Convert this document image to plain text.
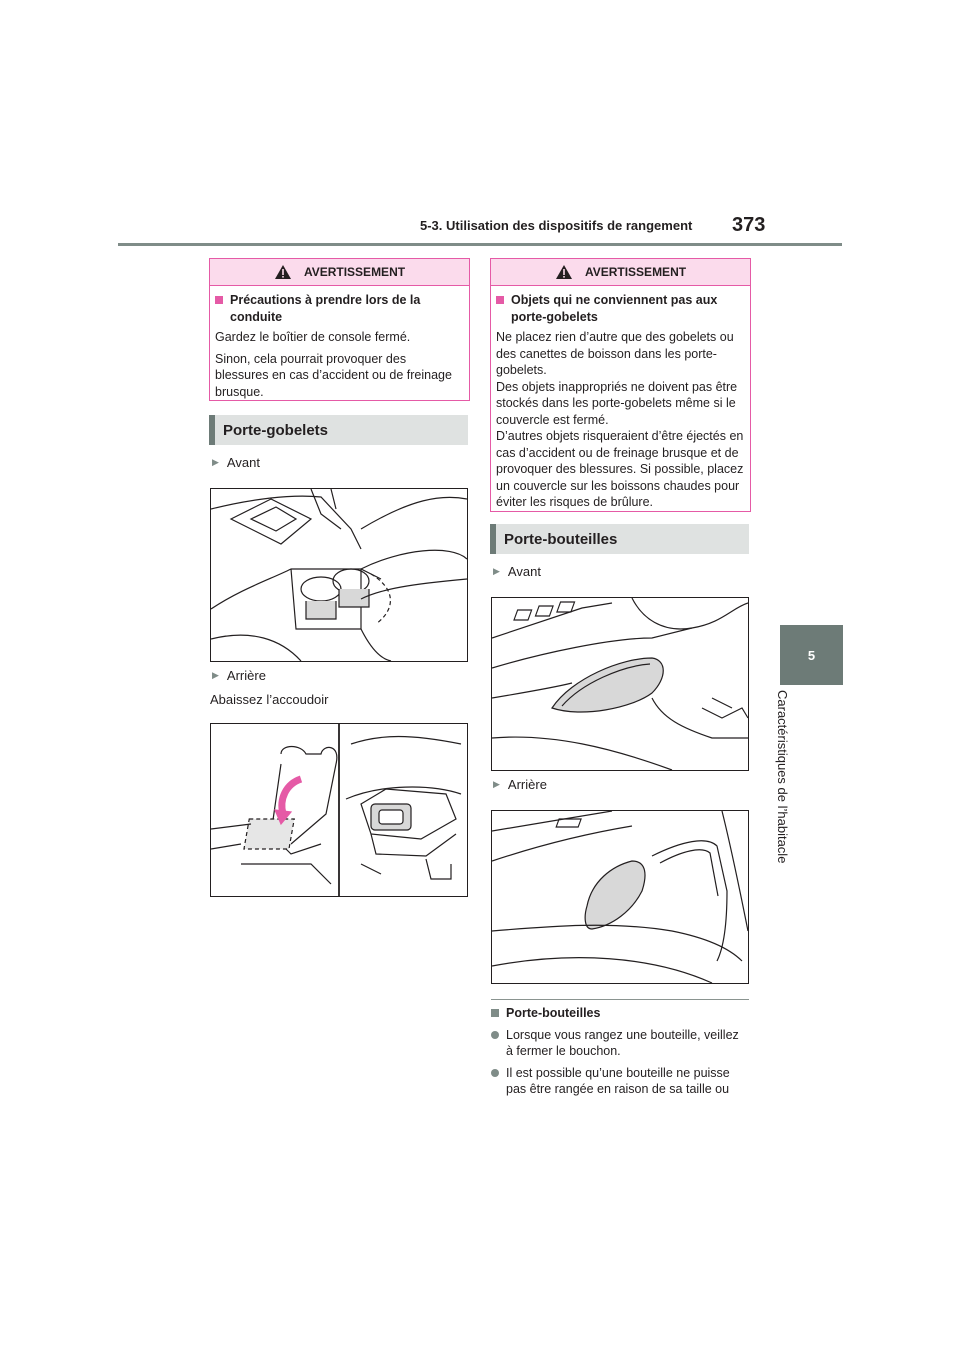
5-3. Utilisation des dispositifs de rangement 373
5
Caractéristiques de l’habitacle
AVERTISSEMENT
Précautions à prendre lors de la conduite

Gardez le boîtier de console fermé.

Sinon, cela pourrait provoquer des blessures en cas d’accident ou de freinage brusque.

Porte-gobelets
▶ Avant
▶ Arrière
Abaissez l’accoudoir
AVERTISSEMENT
Objets qui ne conviennent pas aux porte-gobelets

Ne placez rien d’autre que des gobelets ou des canettes de boisson dans les porte-gobelets.

Des objets inappropriés ne doivent pas être stockés dans les porte-gobelets même si le couvercle est fermé.

D’autres objets risqueraient d’être éjectés en cas d’accident ou de freinage brusque et de provoquer des blessures. Si possible, placez un couvercle sur les boissons chaudes pour éviter les risques de brûlure.

Porte-bouteilles
▶ Avant
▶ Arrière
Porte-bouteilles
Lorsque vous rangez une bouteille, veillez à fermer le bouchon.
Il est possible qu’une bouteille ne puisse pas être rangée en raison de sa taille ou
